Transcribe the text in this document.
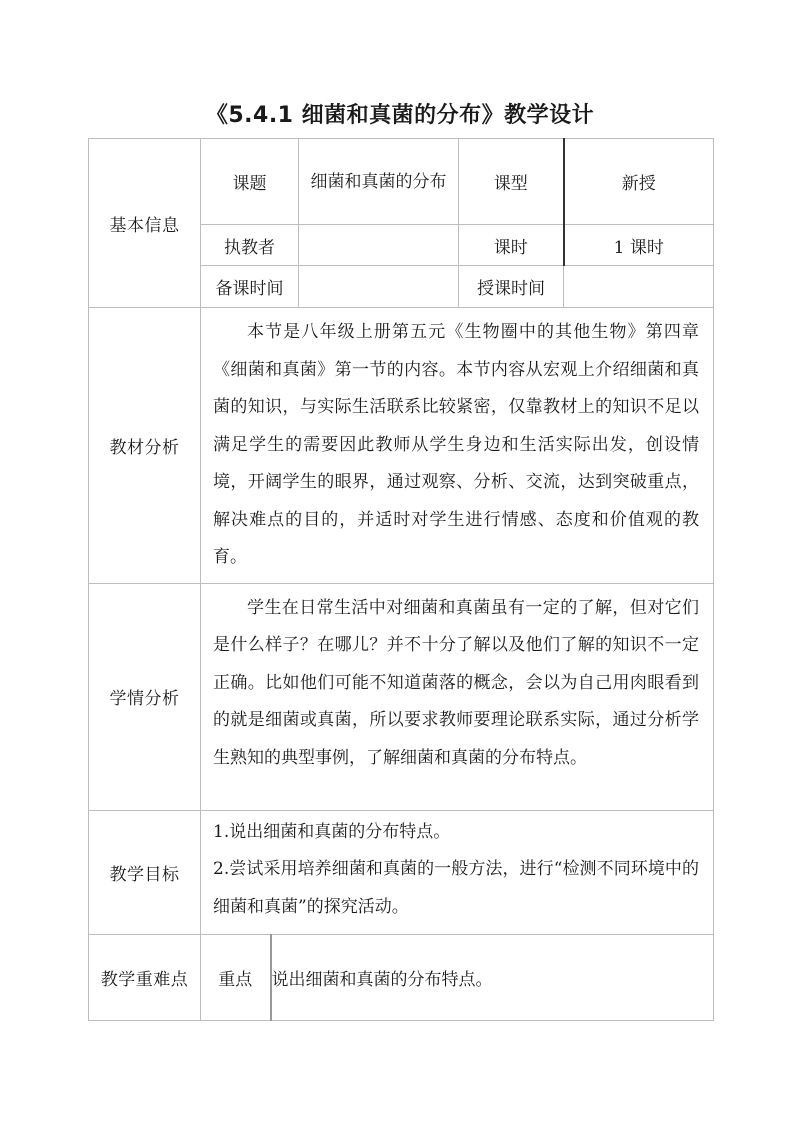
《5.4.1 细菌和真菌的分布》教学设计
基本信息	课题		细菌和真菌的分布	课型	新授
	执教者			课时	1 课时
	备课时间			授课时间	
教材分析	本节是八年级上册第五元《生物圈中的其他生物》第四章《细菌和真菌》第一节的内容。本节内容从宏观上介绍细菌和真菌的知识，与实际生活联系比较紧密，仅靠教材上的知识不足以满足学生的需要因此教师从学生身边和生活实际出发，创设情境，开阔学生的眼界，通过观察、分析、交流，达到突破重点，解决难点的目的，并适时对学生进行情感、态度和价值观的教育。				
学情分析	学生在日常生活中对细菌和真菌虽有一定的了解，但对它们是什么样子？在哪儿？并不十分了解以及他们了解的知识不一定正确。比如他们可能不知道菌落的概念，会以为自己用肉眼看到的就是细菌或真菌，所以要求教师要理论联系实际，通过分析学生熟知的典型事例，了解细菌和真菌的分布特点。				
教学目标	1.说出细菌和真菌的分布特点。
2.尝试采用培养细菌和真菌的一般方法，进行“检测不同环境中的细菌和真菌”的探究活动。				

教学重难点	重点	说出细菌和真菌的分布特点。			
